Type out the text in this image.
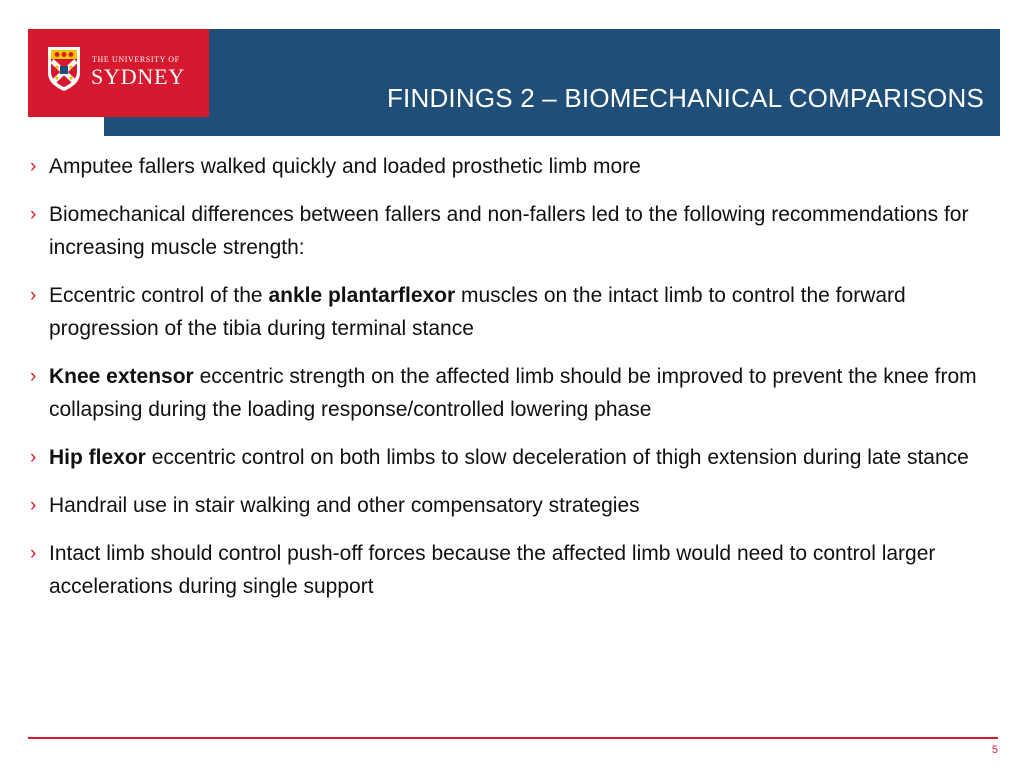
FINDINGS 2 – BIOMECHANICAL COMPARISONS
THE UNIVERSITY OF
SYDNEY
› Amputee fallers walked quickly and loaded prosthetic limb more
› Biomechanical differences between fallers and non-fallers led to the following recommendations for increasing muscle strength:
› Eccentric control of the ankle plantarflexor muscles on the intact limb to control the forward progression of the tibia during terminal stance
› Knee extensor eccentric strength on the affected limb should be improved to prevent the knee from collapsing during the loading response/controlled lowering phase
› Hip flexor eccentric control on both limbs to slow deceleration of thigh extension during late stance
› Handrail use in stair walking and other compensatory strategies
› Intact limb should control push-off forces because the affected limb would need to control larger accelerations during single support
5
